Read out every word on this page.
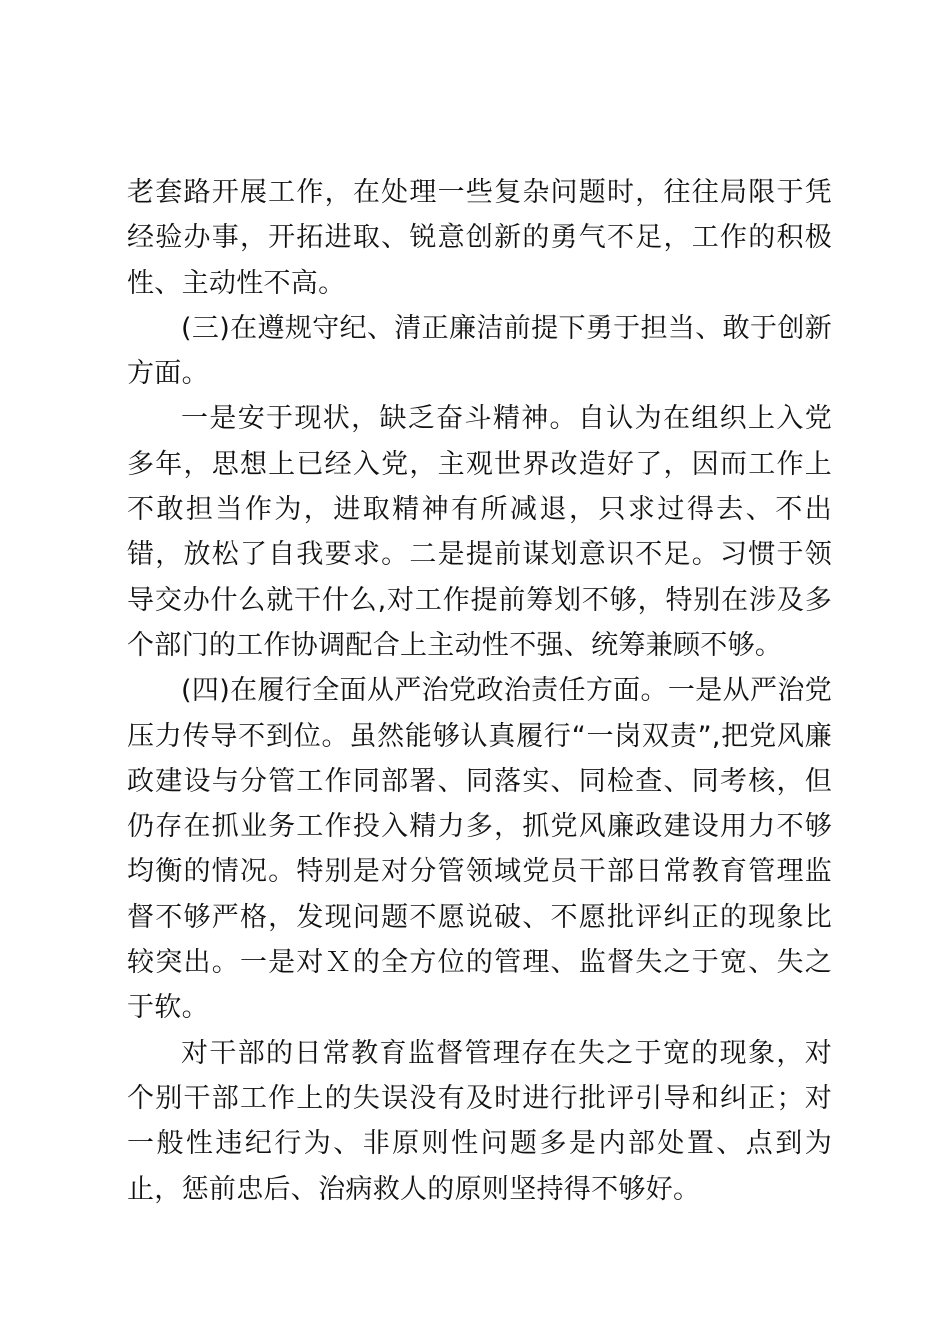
老套路开展工作，在处理一些复杂问题时，往往局限于凭经验办事，开拓进取、锐意创新的勇气不足，工作的积极性、主动性不高。

(三)在遵规守纪、清正廉洁前提下勇于担当、敢于创新方面。

一是安于现状，缺乏奋斗精神。自认为在组织上入党多年，思想上已经入党，主观世界改造好了，因而工作上不敢担当作为，进取精神有所减退，只求过得去、不出错，放松了自我要求。二是提前谋划意识不足。习惯于领导交办什么就干什么,对工作提前筹划不够，特别在涉及多个部门的工作协调配合上主动性不强、统筹兼顾不够。

(四)在履行全面从严治党政治责任方面。一是从严治党压力传导不到位。虽然能够认真履行“一岗双责”,把党风廉政建设与分管工作同部署、同落实、同检查、同考核，但仍存在抓业务工作投入精力多，抓党风廉政建设用力不够均衡的情况。特别是对分管领域党员干部日常教育管理监督不够严格，发现问题不愿说破、不愿批评纠正的现象比较突出。一是对Ｘ的全方位的管理、监督失之于宽、失之于软。

对干部的日常教育监督管理存在失之于宽的现象，对个别干部工作上的失误没有及时进行批评引导和纠正；对一般性违纪行为、非原则性问题多是内部处置、点到为止，惩前忠后、治病救人的原则坚持得不够好。
